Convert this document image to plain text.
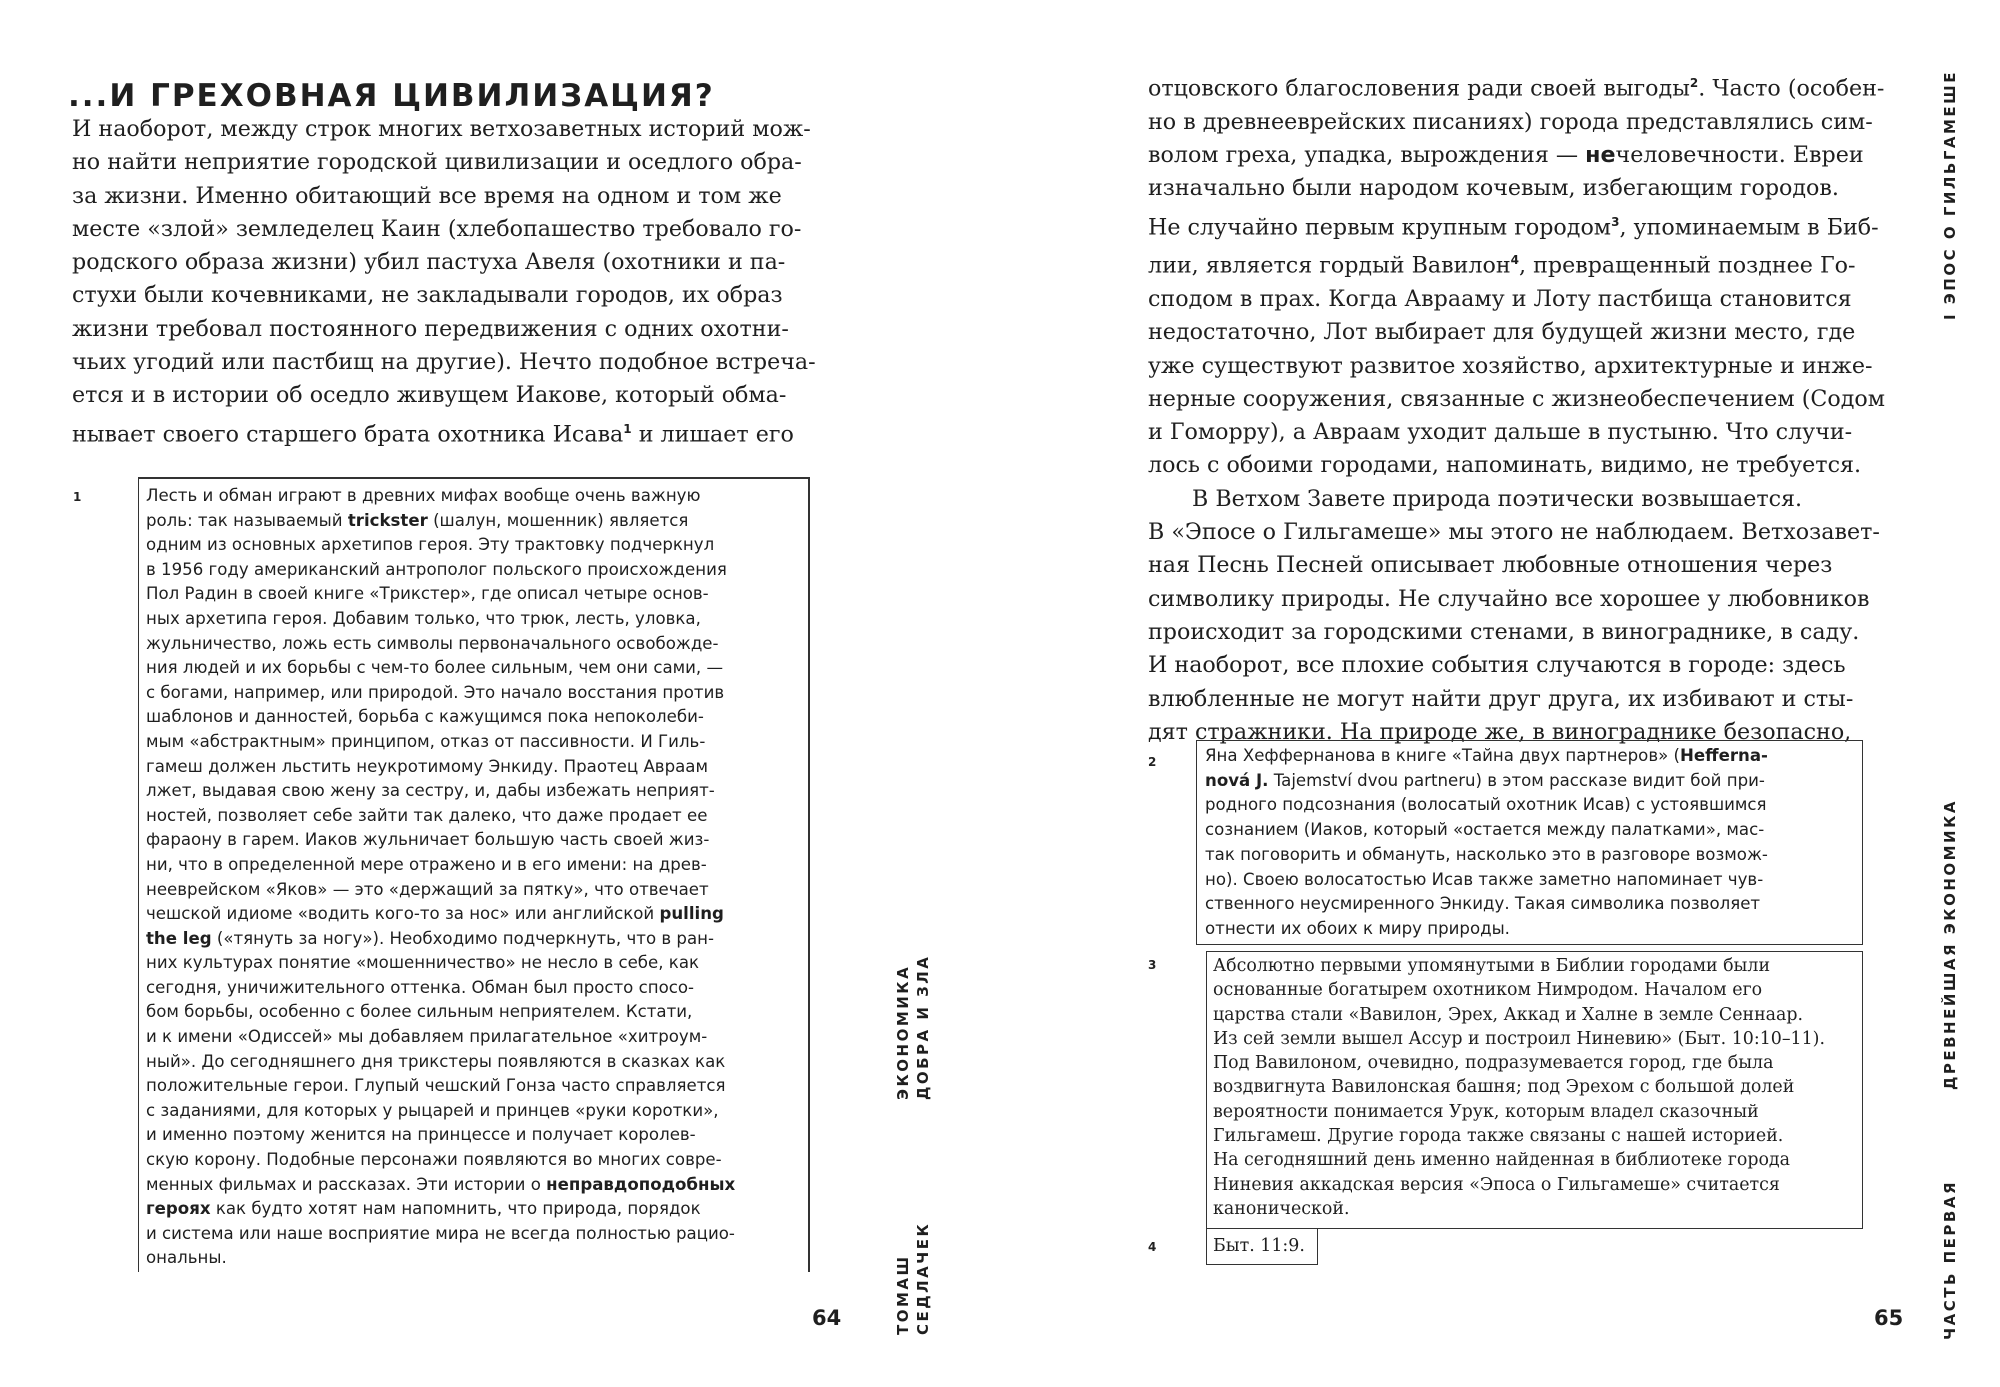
...И ГРЕХОВНАЯ ЦИВИЛИЗАЦИЯ?
И наоборот, между строк многих ветхозаветных историй мож-
но найти неприятие городской цивилизации и оседлого обра-
за жизни. Именно обитающий все время на одном и том же
месте «злой» земледелец Каин (хлебопашество требовало го-
родского образа жизни) убил пастуха Авеля (охотники и па-
стухи были кочевниками, не закладывали городов, их образ
жизни требовал постоянного передвижения с одних охотни-
чьих угодий или пастбищ на другие). Нечто подобное встреча-
ется и в истории об оседло живущем Иакове, который обма-
нывает своего старшего брата охотника Исава$^1$ и лишает его
1	Лесть и обман играют в древних мифах вообще очень важную
роль: так называемый trickster (шалун, мошенник) является
одним из основных архетипов героя. Эту трактовку подчеркнул
в 1956 году американский антрополог польского происхождения
Пол Радин в своей книге «Трикстер», где описал четыре основ-
ных архетипа героя. Добавим только, что трюк, лесть, уловка,
жульничество, ложь есть символы первоначального освобожде-
ния людей и их борьбы с чем-то более сильным, чем они сами, —
с богами, например, или природой. Это начало восстания против
шаблонов и данностей, борьба с кажущимся пока непоколеби-
мым «абстрактным» принципом, отказ от пассивности. И Гиль-
гамеш должен льстить неукротимому Энкиду. Праотец Авраам
лжет, выдавая свою жену за сестру, и, дабы избежать неприят-
ностей, позволяет себе зайти так далеко, что даже продает ее
фараону в гарем. Иаков жульничает большую часть своей жиз-
ни, что в определенной мере отражено и в его имени: на древ-
нееврейском «Яков» — это «держащий за пятку», что отвечает
чешской идиоме «водить кого-то за нос» или английской pulling
the leg («тянуть за ногу»). Необходимо подчеркнуть, что в ран-
них культурах понятие «мошенничество» не несло в себе, как
сегодня, уничижительного оттенка. Обман был просто спосо-
бом борьбы, особенно с более сильным неприятелем. Кстати,
и к имени «Одиссей» мы добавляем прилагательное «хитроум-
ный». До сегодняшнего дня трикстеры появляются в сказках как
положительные герои. Глупый чешский Гонза часто справляется
с заданиями, для которых у рыцарей и принцев «руки коротки»,
и именно поэтому женится на принцессе и получает королев-
скую корону. Подобные персонажи появляются во многих совре-
менных фильмах и рассказах. Эти истории о неправдоподобных
героях как будто хотят нам напомнить, что природа, порядок
и система или наше восприятие мира не всегда полностью рацио-
ональны.
ЭКОНОМИКА ДОБРА И ЗЛА
ТОМАШ СЕДЛАЧЕК
64
отцовского благословения ради своей выгоды$^2$. Часто (особен-
но в древнееврейских писаниях) города представлялись сим-
волом греха, упадка, вырождения — нечеловечности. Евреи
изначально были народом кочевым, избегающим городов.
Не случайно первым крупным городом$^3$, упоминаемым в Биб-
лии, является гордый Вавилон$^4$, превращенный позднее Го-
сподом в прах. Когда Аврааму и Лоту пастбища становится
недостаточно, Лот выбирает для будущей жизни место, где
уже существуют развитое хозяйство, архитектурные и инже-
нерные сооружения, связанные с жизнеобеспечением (Содом
и Гоморру), а Авраам уходит дальше в пустыню. Что случи-
лось с обоими городами, напоминать, видимо, не требуется.
В Ветхом Завете природа поэтически возвышается.
В «Эпосе о Гильгамеше» мы этого не наблюдаем. Ветхозавет-
ная Песнь Песней описывает любовные отношения через
символику природы. Не случайно все хорошее у любовников
происходит за городскими стенами, в винограднике, в саду.
И наоборот, все плохие события случаются в городе: здесь
влюбленные не могут найти друг друга, их избивают и сты-
дят стражники. На природе же, в винограднике безопасно,
2	Яна Хеффернанова в книге «Тайна двух партнеров» (Hefferna-
nová J. Tajemství dvou partneru) в этом рассказе видит бой при-
родного подсознания (волосатый охотник Исав) с устоявшимся
сознанием (Иаков, который «остается между палатками», мас-
так поговорить и обмануть, насколько это в разговоре возмож-
но). Своею волосатостью Исав также заметно напоминает чув-
ственного неусмиренного Энкиду. Такая символика позволяет
отнести их обоих к миру природы.
3	Абсолютно первыми упомянутыми в Библии городами были
основанные богатырем охотником Нимродом. Началом его
царства стали «Вавилон, Эрех, Аккад и Халне в земле Сеннаар.
Из сей земли вышел Ассур и построил Ниневию» (Быт. 10:10–11).
Под Вавилоном, очевидно, подразумевается город, где была
воздвигнута Вавилонская башня; под Эрехом с большой долей
вероятности понимается Урук, которым владел сказочный
Гильгамеш. Другие города также связаны с нашей историей.
На сегодняшний день именно найденная в библиотеке города
Ниневия аккадская версия «Эпоса о Гильгамеше» считается
канонической.
4	Быт. 11:9.
65
I ЭПОС О ГИЛЬГАМЕШЕ
ДРЕВНЕЙШАЯ ЭКОНОМИКА
ЧАСТЬ ПЕРВАЯ
